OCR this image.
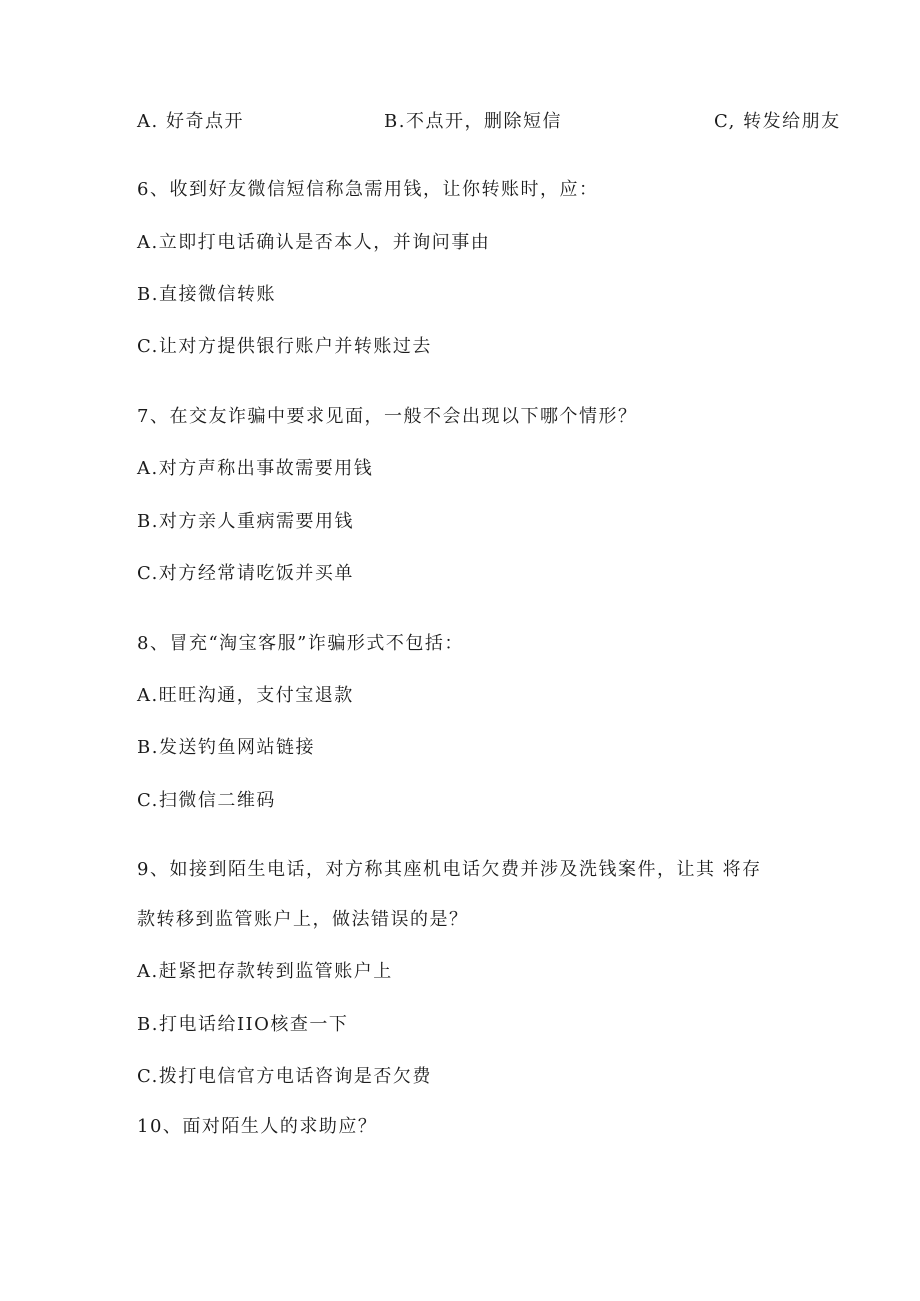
A. 好奇点开	B.不点开，删除短信	C, 转发给朋友
6、收到好友微信短信称急需用钱，让你转账时，应：
A.立即打电话确认是否本人，并询问事由
B.直接微信转账
C.让对方提供银行账户并转账过去
7、在交友诈骗中要求见面，一般不会出现以下哪个情形？
A.对方声称出事故需要用钱
B.对方亲人重病需要用钱
C.对方经常请吃饭并买单
8、冒充“淘宝客服”诈骗形式不包括：
A.旺旺沟通，支付宝退款
B.发送钓鱼网站链接
C.扫微信二维码
9、如接到陌生电话，对方称其座机电话欠费并涉及洗钱案件，让其 将存
款转移到监管账户上，做法错误的是？
A.赶紧把存款转到监管账户上
B.打电话给IIO核查一下
C.拨打电信官方电话咨询是否欠费
10、面对陌生人的求助应？
